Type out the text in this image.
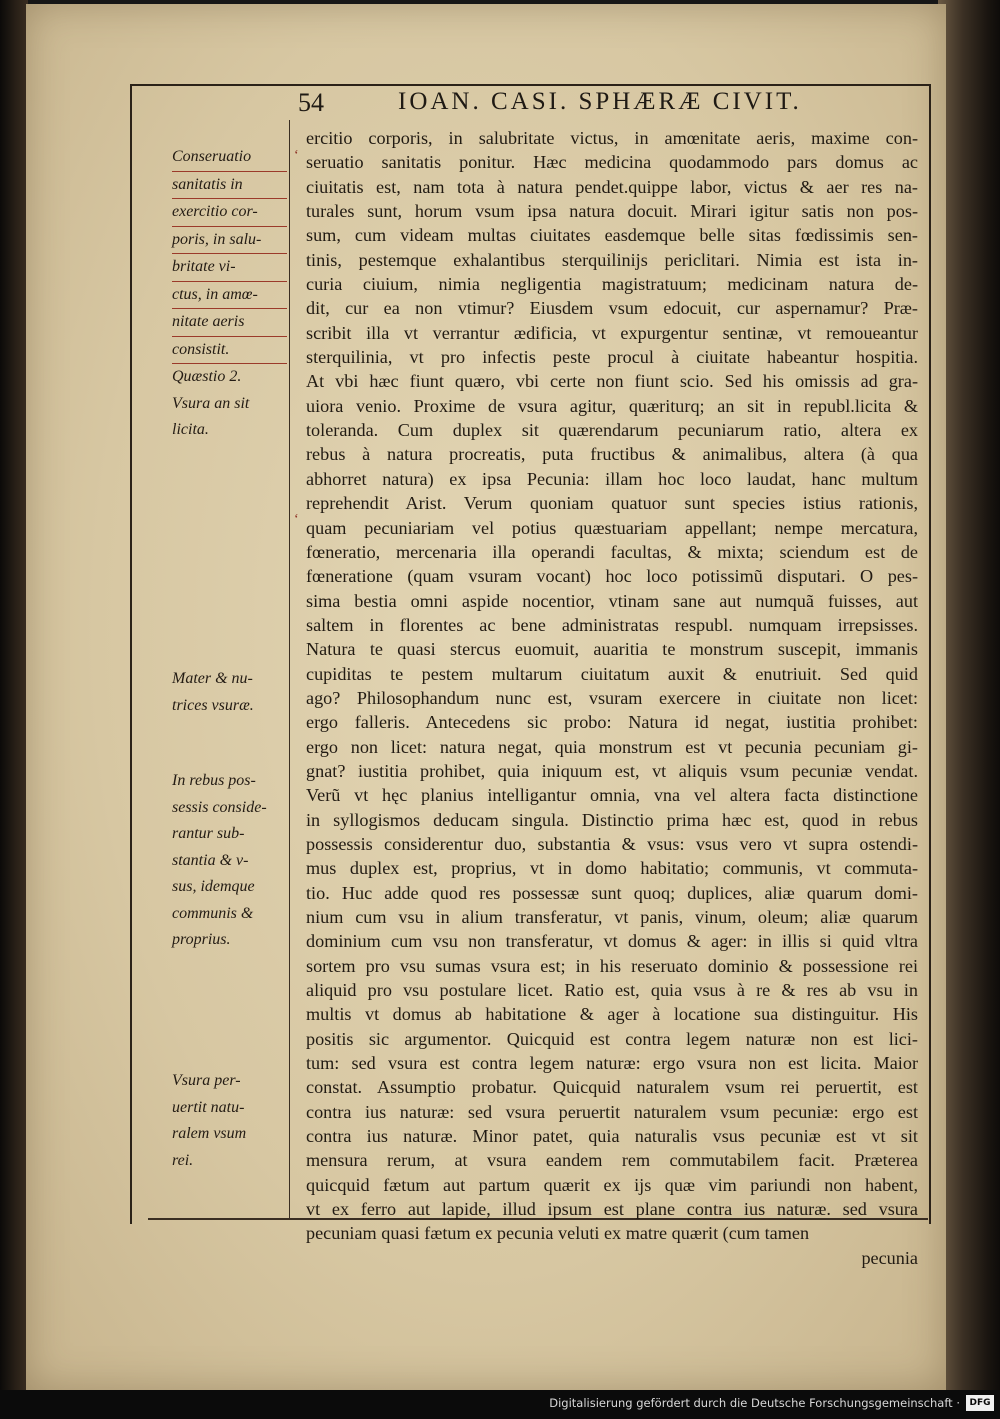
54	IOAN. CASI. SPHÆRÆ CIVIT.
ercitio corporis, in salubritate victus, in amœnitate aeris, maxime con-
seruatio sanitatis ponitur. Hæc medicina quodammodo pars domus ac
ciuitatis est, nam tota à natura pendet.quippe labor, victus & aer res na-
turales sunt, horum vsum ipsa natura docuit. Mirari igitur satis non pos-
sum, cum videam multas ciuitates easdemque belle sitas fœdissimis sen-
tinis, pestemque exhalantibus sterquilinijs periclitari. Nimia est ista in-
curia ciuium, nimia negligentia magistratuum; medicinam natura de-
dit, cur ea non vtimur? Eiusdem vsum edocuit, cur aspernamur? Præ-
scribit illa vt verrantur ædificia, vt expurgentur sentinæ, vt remoueantur
sterquilinia, vt pro infectis peste procul à ciuitate habeantur hospitia.
At vbi hæc fiunt quæro, vbi certe non fiunt scio. Sed his omissis ad gra-
uiora venio. Proxime de vsura agitur, quæriturq; an sit in republ.licita &
toleranda. Cum duplex sit quærendarum pecuniarum ratio, altera ex
rebus à natura procreatis, puta fructibus & animalibus, altera (à qua
abhorret natura) ex ipsa Pecunia: illam hoc loco laudat, hanc multum
reprehendit Arist. Verum quoniam quatuor sunt species istius rationis,
quam pecuniariam vel potius quæstuariam appellant; nempe mercatura,
fœneratio, mercenaria illa operandi facultas, & mixta; sciendum est de
fœneratione (quam vsuram vocant) hoc loco potissimũ disputari. O pes-
sima bestia omni aspide nocentior, vtinam sane aut numquã fuisses, aut
saltem in florentes ac bene administratas respubl. numquam irrepsisses.
Natura te quasi stercus euomuit, auaritia te monstrum suscepit, immanis
cupiditas te pestem multarum ciuitatum auxit & enutriuit. Sed quid
ago? Philosophandum nunc est, vsuram exercere in ciuitate non licet:
ergo falleris. Antecedens sic probo: Natura id negat, iustitia prohibet:
ergo non licet: natura negat, quia monstrum est vt pecunia pecuniam gi-
gnat? iustitia prohibet, quia iniquum est, vt aliquis vsum pecuniæ vendat.
Verũ vt hęc planius intelligantur omnia, vna vel altera facta distinctione
in syllogismos deducam singula. Distinctio prima hæc est, quod in rebus
possessis considerentur duo, substantia & vsus: vsus vero vt supra ostendi-
mus duplex est, proprius, vt in domo habitatio; communis, vt commuta-
tio. Huc adde quod res possessæ sunt quoq; duplices, aliæ quarum domi-
nium cum vsu in alium transferatur, vt panis, vinum, oleum; aliæ quarum
dominium cum vsu non transferatur, vt domus & ager: in illis si quid vltra
sortem pro vsu sumas vsura est; in his reseruato dominio & possessione rei
aliquid pro vsu postulare licet. Ratio est, quia vsus à re & res ab vsu in
multis vt domus ab habitatione & ager à locatione sua distinguitur. His
positis sic argumentor. Quicquid est contra legem naturæ non est lici-
tum: sed vsura est contra legem naturæ: ergo vsura non est licita. Maior
constat. Assumptio probatur. Quicquid naturalem vsum rei peruertit, est
contra ius naturæ: sed vsura peruertit naturalem vsum pecuniæ: ergo est
contra ius naturæ. Minor patet, quia naturalis vsus pecuniæ est vt sit
mensura rerum, at vsura eandem rem commutabilem facit. Præterea
quicquid fætum aut partum quærit ex ijs quæ vim pariundi non habent,
vt ex ferro aut lapide, illud ipsum est plane contra ius naturæ. sed vsura
pecuniam quasi fætum ex pecunia veluti ex matre quærit (cum tamen
pecunia
Conseruatio
sanitatis in
exercitio cor-
poris, in salu-
britate vi-
ctus, in amœ-
nitate aeris
consistit.
Quæstio 2.
Vsura an sit
licita.
Mater & nu-
trices vsuræ.
In rebus pos-
sessis conside-
rantur sub-
stantia & v-
sus, idemque
communis &
proprius.
Vsura per-
uertit natu-
ralem vsum
rei.
ʻ
ʻ
Digitalisierung gefördert durch die Deutsche Forschungsgemeinschaft ·	DFG
